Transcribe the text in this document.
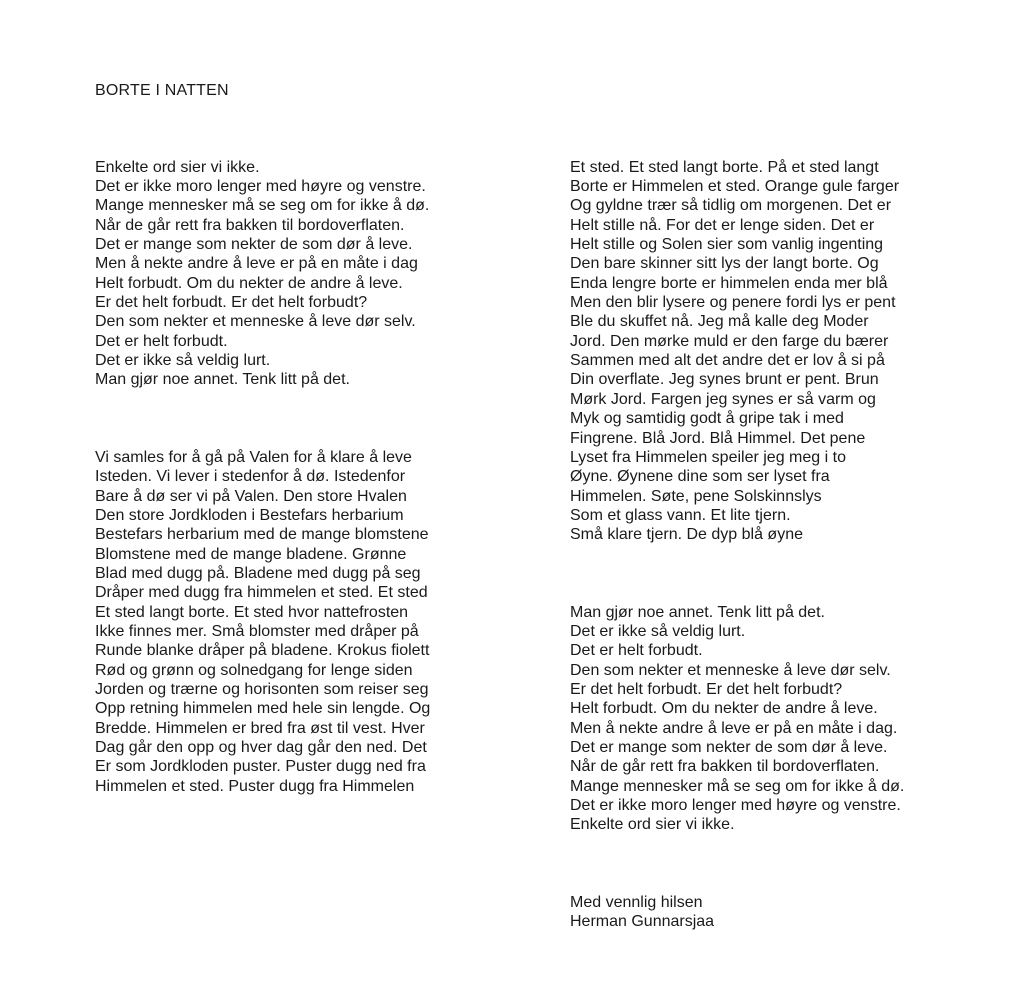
BORTE I NATTEN

Enkelte ord sier vi ikke.
Det er ikke moro lenger med høyre og venstre.
Mange mennesker må se seg om for ikke å dø.
Når de går rett fra bakken til bordoverflaten.
Det er mange som nekter de som dør å leve.
Men å nekte andre å leve er på en måte i dag
Helt forbudt. Om du nekter de andre å leve.
Er det helt forbudt. Er det helt forbudt?
Den som nekter et menneske å leve dør selv.
Det er helt forbudt.
Det er ikke så veldig lurt.
Man gjør noe annet. Tenk litt på det.

Vi samles for å gå på Valen for å klare å leve
Isteden. Vi lever i stedenfor å dø. Istedenfor
Bare å dø ser vi på Valen. Den store Hvalen
Den store Jordkloden i Bestefars herbarium
Bestefars herbarium med de mange blomstene
Blomstene med de mange bladene. Grønne
Blad med dugg på. Bladene med dugg på seg
Dråper med dugg fra himmelen et sted. Et sted
Et sted langt borte. Et sted hvor nattefrosten
Ikke finnes mer. Små blomster med dråper på
Runde blanke dråper på bladene. Krokus fiolett
Rød og grønn og solnedgang for lenge siden
Jorden og trærne og horisonten som reiser seg
Opp retning himmelen med hele sin lengde. Og
Bredde. Himmelen er bred fra øst til vest. Hver
Dag går den opp og hver dag går den ned. Det
Er som Jordkloden puster. Puster dugg ned fra
Himmelen et sted. Puster dugg fra Himmelen

Et sted. Et sted langt borte. På et sted langt
Borte er Himmelen et sted. Orange gule farger
Og gyldne trær så tidlig om morgenen. Det er
Helt stille nå. For det er lenge siden. Det er
Helt stille og Solen sier som vanlig ingenting
Den bare skinner sitt lys der langt borte. Og
Enda lengre borte er himmelen enda mer blå
Men den blir lysere og penere fordi lys er pent
Ble du skuffet nå. Jeg må kalle deg Moder
Jord. Den mørke muld er den farge du bærer
Sammen med alt det andre det er lov å si på
Din overflate. Jeg synes brunt er pent. Brun
Mørk Jord. Fargen jeg synes er så varm og
Myk og samtidig godt å gripe tak i med
Fingrene. Blå Jord. Blå Himmel. Det pene
Lyset fra Himmelen speiler jeg meg i to
Øyne. Øynene dine som ser lyset fra
Himmelen. Søte, pene Solskinnslys
Som et glass vann. Et lite tjern.
Små klare tjern. De dyp blå øyne

Man gjør noe annet. Tenk litt på det.
Det er ikke så veldig lurt.
Det er helt forbudt.
Den som nekter et menneske å leve dør selv.
Er det helt forbudt. Er det helt forbudt?
Helt forbudt. Om du nekter de andre å leve.
Men å nekte andre å leve er på en måte i dag.
Det er mange som nekter de som dør å leve.
Når de går rett fra bakken til bordoverflaten.
Mange mennesker må se seg om for ikke å dø.
Det er ikke moro lenger med høyre og venstre.
Enkelte ord sier vi ikke.

Med vennlig hilsen
Herman Gunnarsjaa
